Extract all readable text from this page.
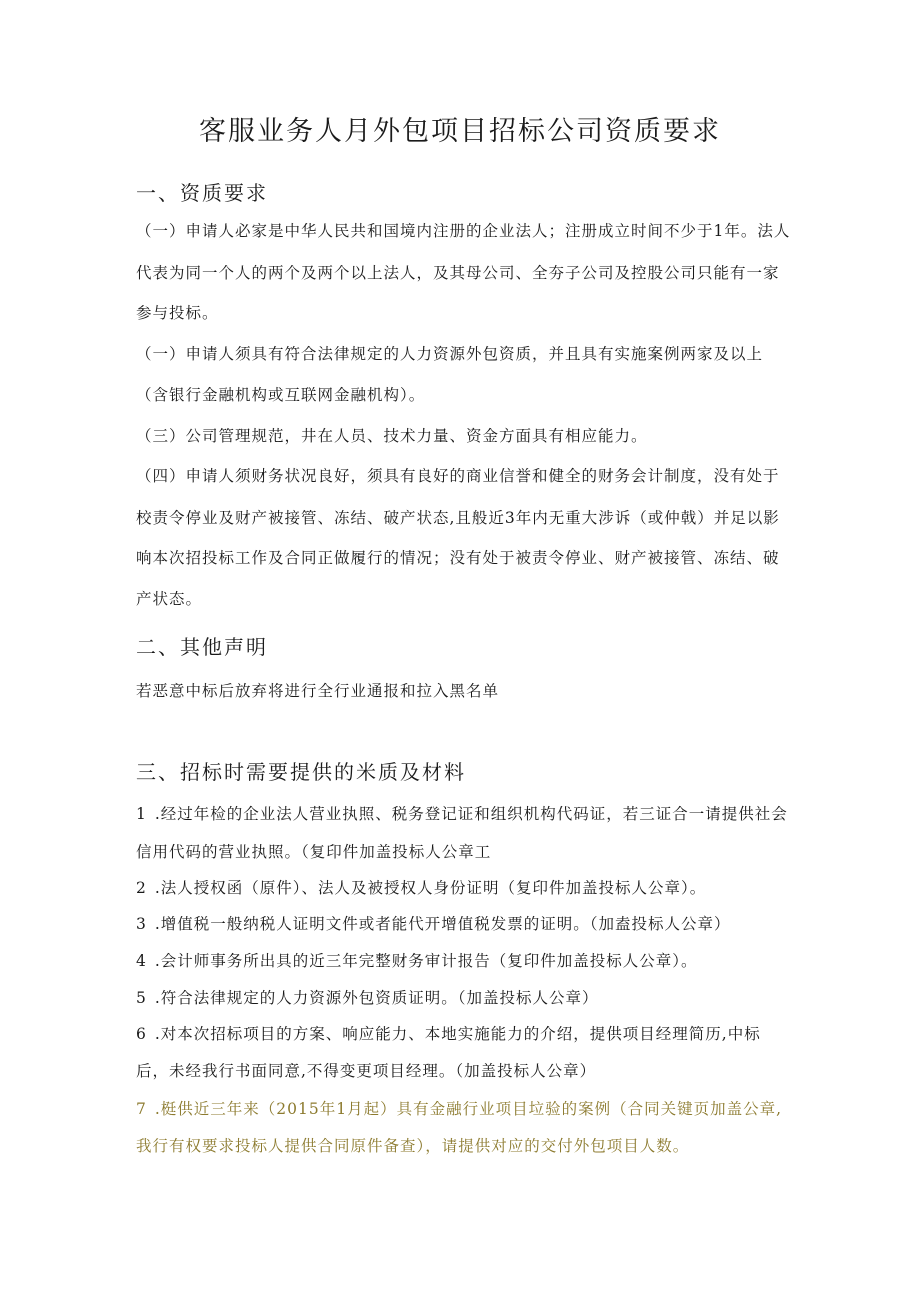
客服业务人月外包项目招标公司资质要求
一、资质要求
（一）申请人必家是中华人民共和国境内注册的企业法人；注册成立时间不少于1年。法人
代表为同一个人的两个及两个以上法人，及其母公司、全夯子公司及控股公司只能有一家
参与投标。
（一）申请人须具有符合法律规定的人力资源外包资质，并且具有实施案例两家及以上
（含银行金融机构或互联网金融机构）。
（三）公司管理规范，井在人员、技术力量、资金方面具有相应能力。
（四）申请人须财务状况良好，须具有良好的商业信誉和健全的财务会计制度，没有处于
校责令停业及财产被接管、冻结、破产状态,且般近3年内无重大涉诉（或仲戟）并足以影
响本次招投标工作及合同正做履行的情况；没有处于被责令停业、财产被接管、冻结、破
产状态。
二、其他声明
若恶意中标后放弃将进行全行业通报和拉入黑名单
三、招标时需要提供的米质及材料
1 .经过年检的企业法人营业执照、税务登记证和组织机构代码证，若三证合一请提供社会
信用代码的营业执照。（复印件加盖投标人公章工
2 .法人授权函（原件）、法人及被授权人身份证明（复印件加盖投标人公章）。
3 .增值税一般纳税人证明文件或者能代开增值税发票的证明。（加盍投标人公章）
4 .会计师事务所出具的近三年完整财务审计报告（复印件加盖投标人公章）。
5 .符合法律规定的人力资源外包资质证明。（加盖投标人公章）
6 .对本次招标项目的方案、响应能力、本地实施能力的介绍，提供项目经理简历,中标
后，未经我行书面同意,不得变更项目经理。（加盖投标人公章）
7 .梃供近三年来（2015年1月起）具有金融行业项目垃验的案例（合同关键页加盖公章,
我行有权要求投标人提供合同原件备查），请提供对应的交付外包项目人数。
